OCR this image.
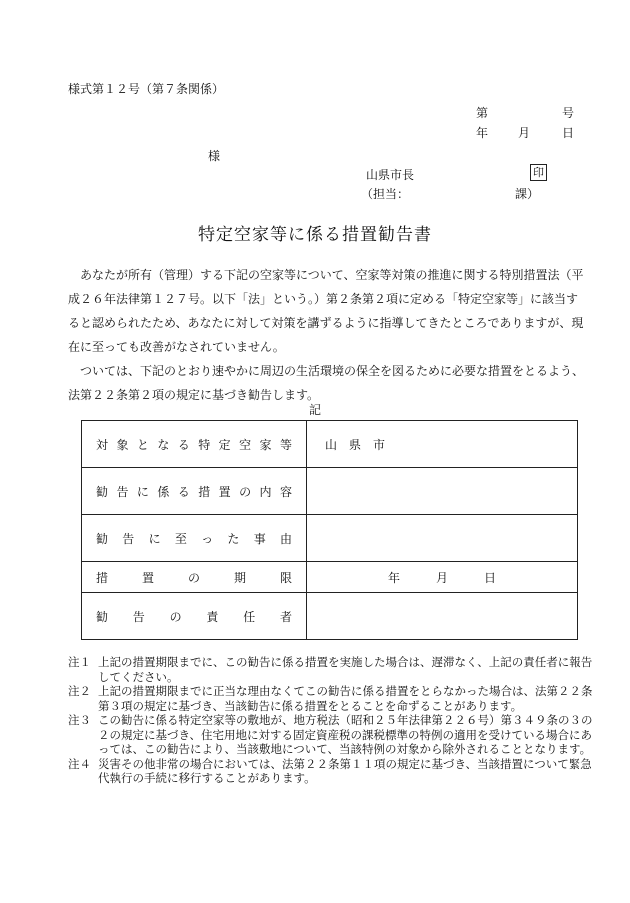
様式第１２号（第７条関係）
第	号
年 月	日
様
山県市長	印
（担当：	課）
特定空家等に係る措置勧告書

あなたが所有（管理）する下記の空家等について、空家等対策の推進に関する特別措置法（平成２６年法律第１２７号。以下「法」という。）第２条第２項に定める「特定空家等」に該当すると認められたため、あなたに対して対策を講ずるように指導してきたところでありますが、現在に至っても改善がなされていません。

ついては、下記のとおり速やかに周辺の生活環境の保全を図るために必要な措置をとるよう、法第２２条第２項の規定に基づき勧告します。

記
対象となる特定空家等	山　県　市
勧告に係る措置の内容	
勧告に至った事由	
措置の期限	年　　　月　　　日
勧告の責任者	
注１ 上記の措置期限までに、この勧告に係る措置を実施した場合は、遅滞なく、上記の責任者に報告してください。
注２ 上記の措置期限までに正当な理由なくてこの勧告に係る措置をとらなかった場合は、法第２２条第３項の規定に基づき、当該勧告に係る措置をとることを命ずることがあります。
注３ この勧告に係る特定空家等の敷地が、地方税法（昭和２５年法律第２２６号）第３４９条の３の２の規定に基づき、住宅用地に対する固定資産税の課税標準の特例の適用を受けている場合にあっては、この勧告により、当該敷地について、当該特例の対象から除外されることとなります。
注４ 災害その他非常の場合においては、法第２２条第１１項の規定に基づき、当該措置について緊急代執行の手続に移行することがあります。
